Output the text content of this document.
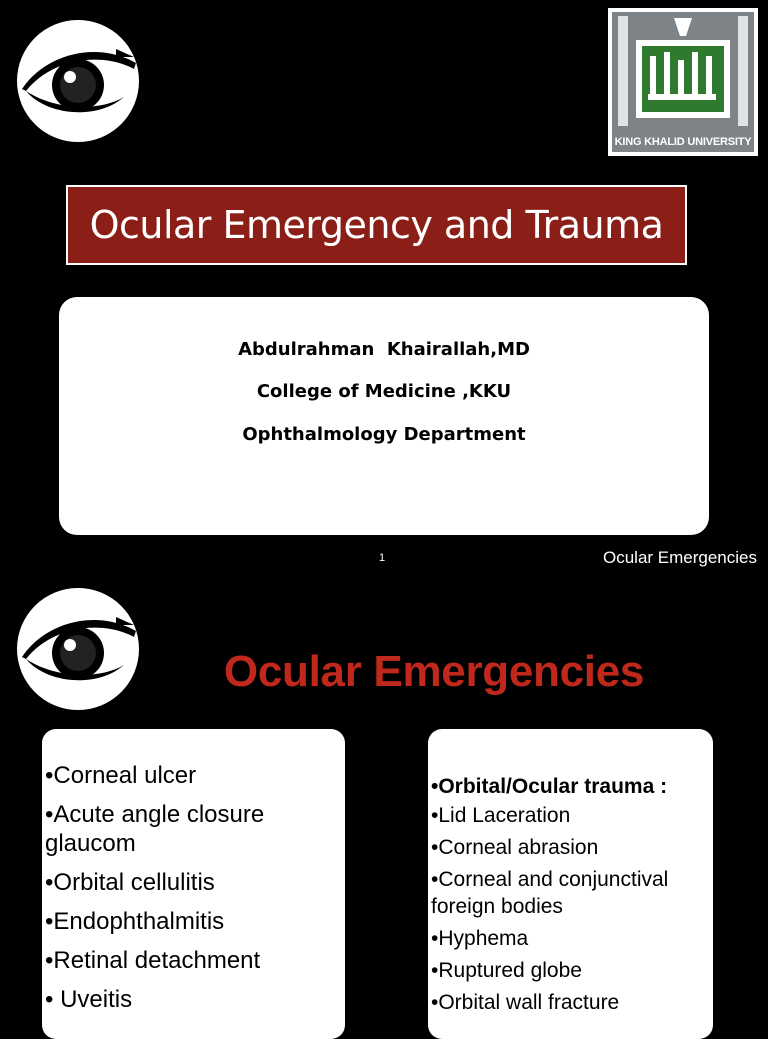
KING KHALID UNIVERSITY
Ocular Emergency and Trauma
Abdulrahman  Khairallah,MD
College of Medicine ,KKU
Ophthalmology Department
1	Ocular Emergencies
Ocular Emergencies
•Corneal ulcer
•Acute angle closure glaucom
•Orbital cellulitis
•Endophthalmitis
•Retinal detachment
• Uveitis
•Orbital/Ocular trauma :
•Lid Laceration
•Corneal abrasion
•Corneal and conjunctival foreign bodies
•Hyphema
•Ruptured globe
•Orbital wall fracture
